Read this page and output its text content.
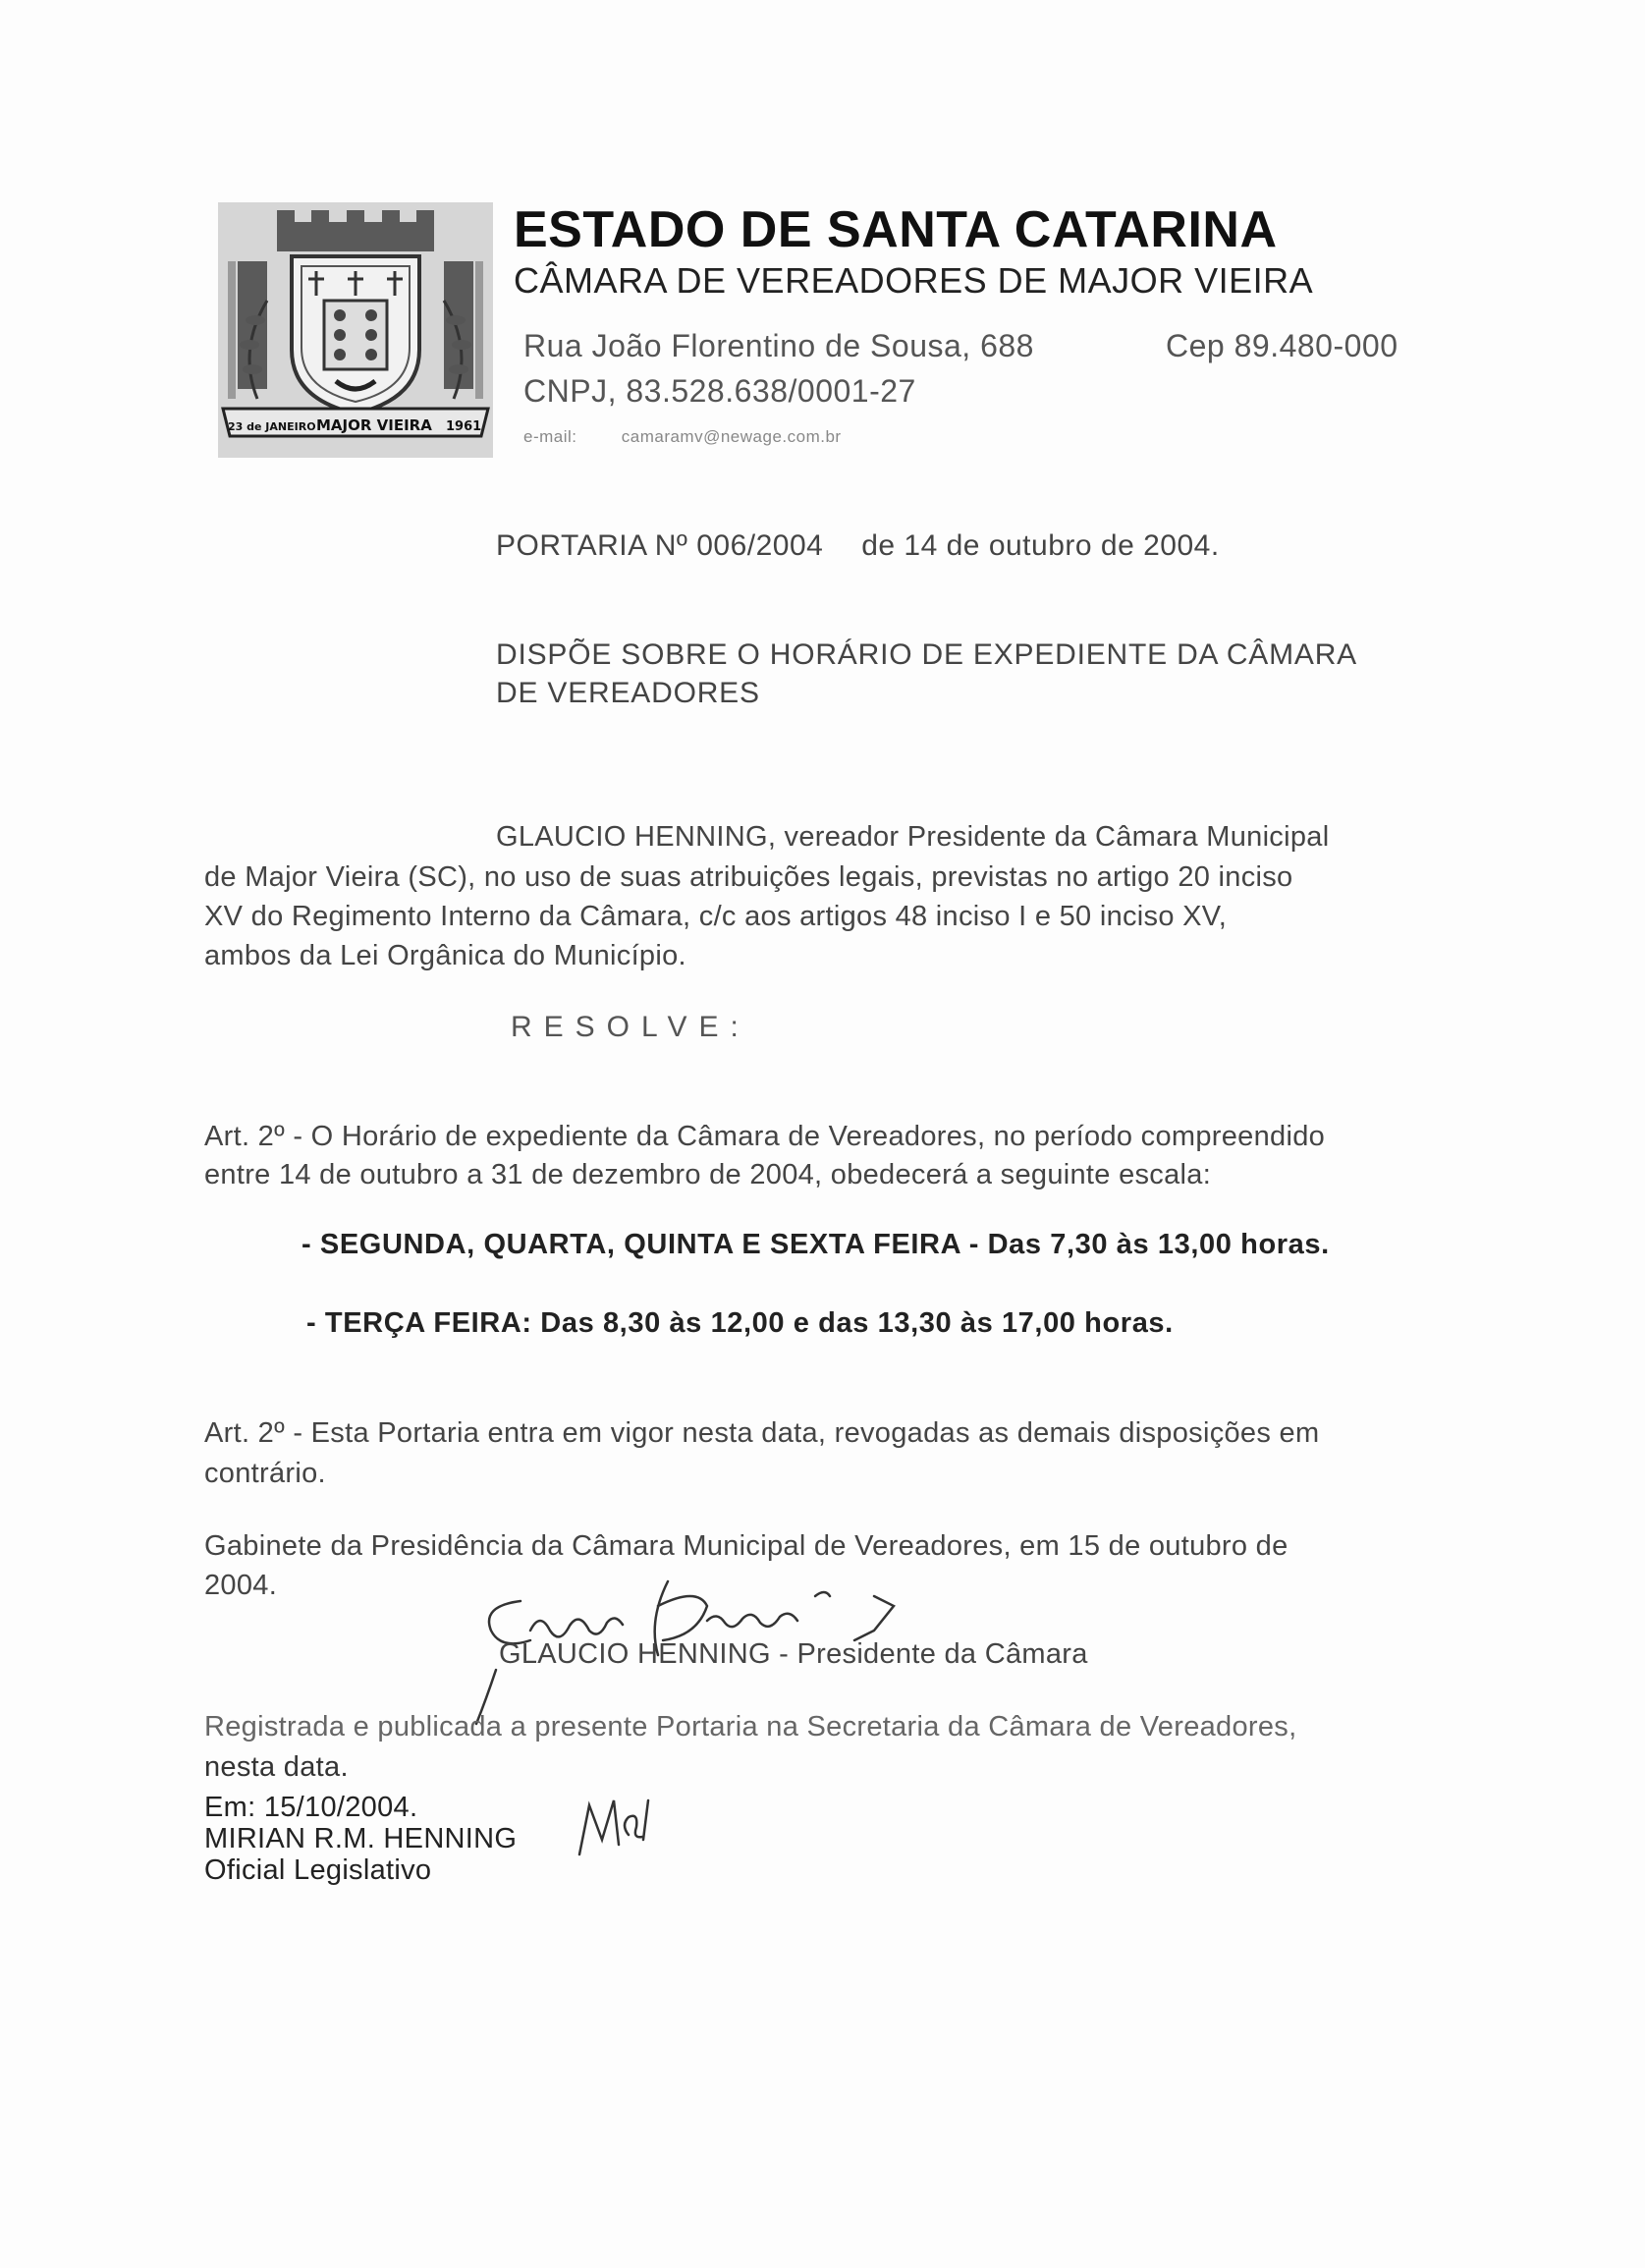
23 de JANEIRO MAJOR VIEIRA 1961
ESTADO DE SANTA CATARINA
CÂMARA DE VEREADORES DE MAJOR VIEIRA
Rua João Florentino de Sousa, 688	Cep 89.480-000
CNPJ, 83.528.638/0001-27
e-mail:	camaramv@newage.com.br
PORTARIA Nº 006/2004 de 14 de outubro de 2004.
DISPÕE SOBRE O HORÁRIO DE EXPEDIENTE DA CÂMARA
DE VEREADORES
GLAUCIO HENNING, vereador Presidente da Câmara Municipal
de Major Vieira (SC), no uso de suas atribuições legais, previstas no artigo 20 inciso
XV do Regimento Interno da Câmara, c/c aos artigos 48 inciso I e 50 inciso XV,
ambos da Lei Orgânica do Município.
RESOLVE:
Art. 2º - O Horário de expediente da Câmara de Vereadores, no período compreendido
entre 14 de outubro a 31 de dezembro de 2004, obedecerá a seguinte escala:
- SEGUNDA, QUARTA, QUINTA E SEXTA FEIRA - Das 7,30 às 13,00 horas.
- TERÇA FEIRA: Das 8,30 às 12,00 e das 13,30 às 17,00 horas.
Art. 2º - Esta Portaria entra em vigor nesta data, revogadas as demais disposições em
contrário.
Gabinete da Presidência da Câmara Municipal de Vereadores, em 15 de outubro de
2004.
GLAUCIO HENNING - Presidente da Câmara
Registrada e publicada a presente Portaria na Secretaria da Câmara de Vereadores,
nesta data.
Em: 15/10/2004.
MIRIAN R.M. HENNING
Oficial Legislativo
